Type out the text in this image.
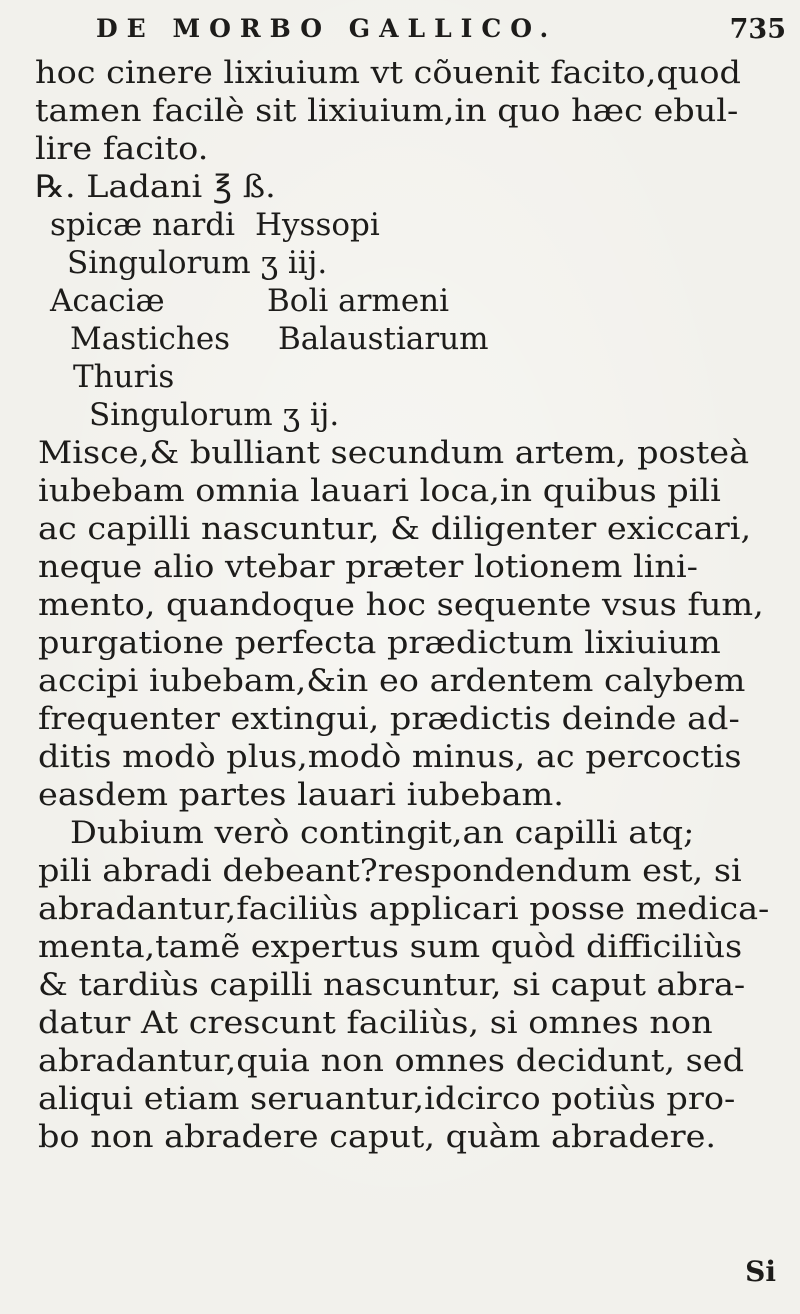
DE MORBO GALLICO.	735
hoc cinere lixiuium vt cõuenit facito,quod
tamen facilè sit lixiuium,in quo hæc ebul-
lire facito.
℞. Ladani ℥ ß.
spicæ nardi Hyssopi
Singulorum ʒ iij.
Acaciæ	Boli armeni
Mastiches Balaustiarum
Thuris
Singulorum ʒ ij.
Misce,& bulliant secundum artem, posteà
iubebam omnia lauari loca,in quibus pili
ac capilli nascuntur, & diligenter exiccari,
neque alio vtebar præter lotionem lini-
mento, quandoque hoc sequente vsus fum,
purgatione perfecta prædictum lixiuium
accipi iubebam,&in eo ardentem calybem
frequenter extingui, prædictis deinde ad-
ditis modò plus,modò minus, ac percoctis
easdem partes lauari iubebam.
Dubium verò contingit,an capilli atq;
pili abradi debeant?respondendum est, si
abradantur,faciliùs applicari posse medica-
menta,tamẽ expertus sum quòd difficiliùs
& tardiùs capilli nascuntur, si caput abra-
datur At crescunt faciliùs, si omnes non
abradantur,quia non omnes decidunt, sed
aliqui etiam seruantur,idcirco potiùs pro-
bo non abradere caput, quàm abradere.
Si
